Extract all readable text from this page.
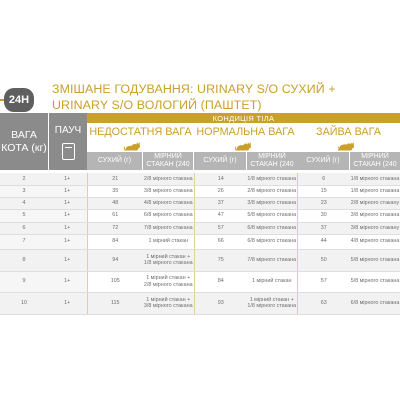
24H
ЗМІШАНЕ ГОДУВАННЯ: URINARY S/O СУХИЙ + URINARY S/O ВОЛОГИЙ (ПАШТЕТ)
ВАГА КОТА (кг)
ПАУЧ
КОНДИЦІЯ ТІЛА
НЕДОСТАТНЯ ВАГА НОРМАЛЬНА ВАГА	ЗАЙВА ВАГА
СУХИЙ (г)
МІРНИЙ СТАКАН (240
СУХИЙ (г)
МІРНИЙ СТАКАН (240
СУХИЙ (г)
МІРНИЙ СТАКАН (240
2	1+	21	2/8 мірного стакана	14	1/8 мірного стакана	6	1/8 мірного стакана
3	1+	35	3/8 мірного стакана	26	2/8 мірного стакана	15	1/8 мірного стакана
4	1+	48	4/8 мірного стакана	37	3/8 мірного стакана	23	2/8 мірного стакану
5	1+	61	6/8 мірного стакана	47	5/8 мірного стакана	30	3/8 мірного стакана
6	1+	72	7/8 мірного стакана	57	6/8 мірного стакана	37	3/8 мірного стакану
7	1+	84	1 мірний стакан	66	6/8 мірного стакана	44	4/8 мірного стакана
8	1+	94	1 мірний стакан + 1/8 мірного стакана	75	7/8 мірного стакана	50	5/8 мірного стакана
9	1+	105	1 мірний стакан + 2/8 мірного стакана	84	1 мірний стакан	57	5/8 мірного стакана
10	1+	115	1 мірний стакан + 3/8 мірного стакана	93	1 мірний стакан + 1/8 мірного стакана	63	6/8 мірного стакана
